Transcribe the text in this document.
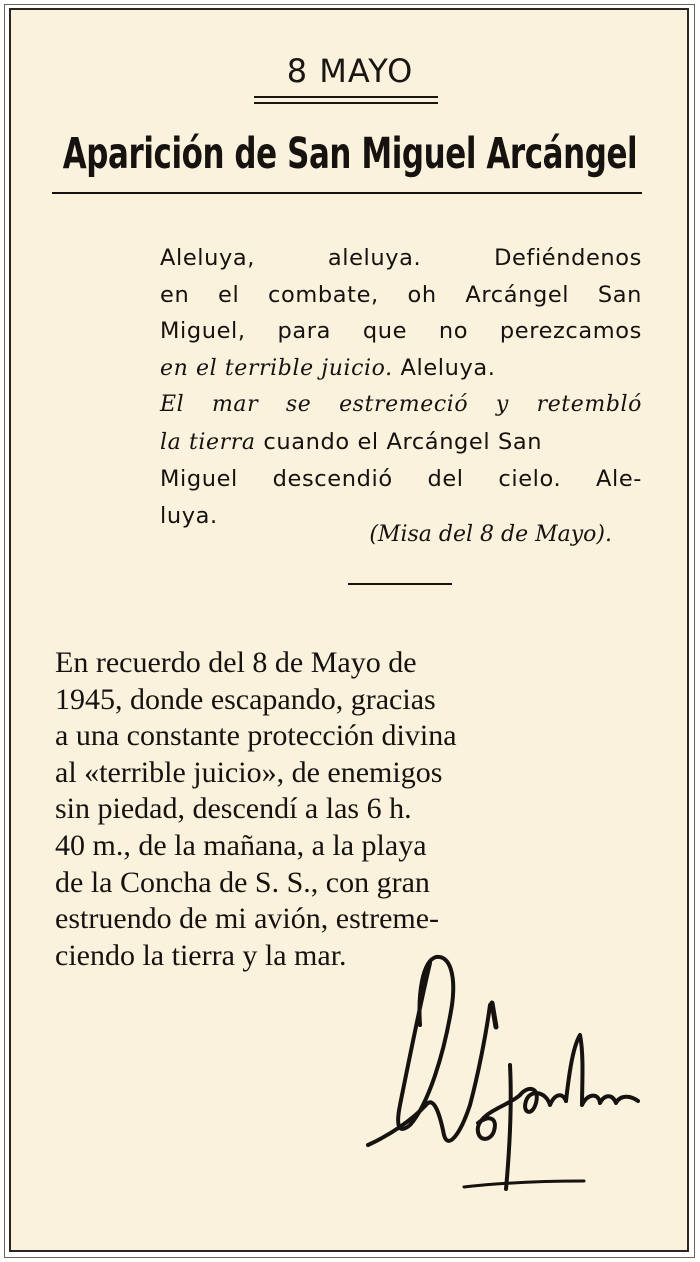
8 MAYO
Aparición de San Miguel Arcángel
Aleluya, aleluya. Defiéndenos
en el combate, oh Arcángel San
Miguel, para que no perezcamos
en el terrible juicio. Aleluya.
El mar se estremeció y retembló
la tierra cuando el Arcángel San
Miguel descendió del cielo. Ale-
luya.
(Misa del 8 de Mayo).
En recuerdo del 8 de Mayo de
1945, donde escapando, gracias
a una constante protección divina
al «terrible juicio», de enemigos
sin piedad, descendí a las 6 h.
40 m., de la mañana, a la playa
de la Concha de S. S., con gran
estruendo de mi avión, estreme-
ciendo la tierra y la mar.
